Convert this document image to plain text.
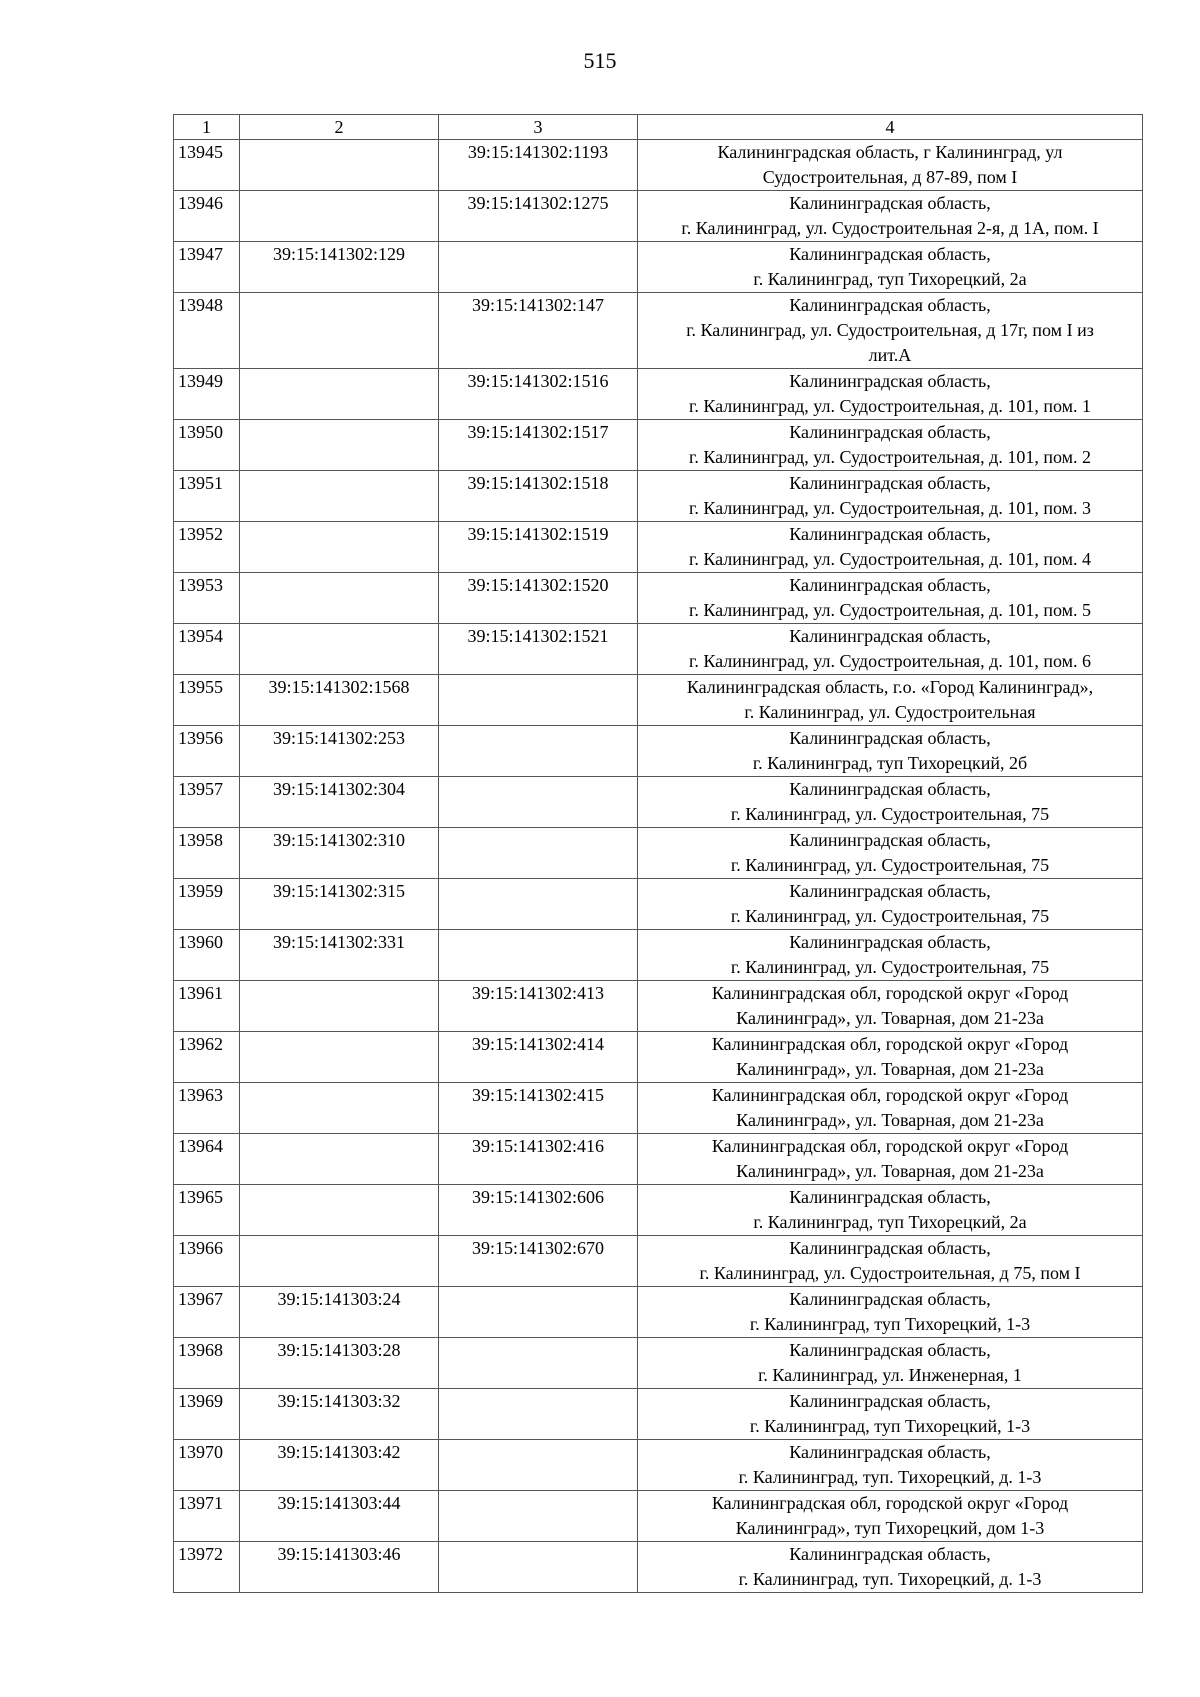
515
1	2	3	4
13945		39:15:141302:1193	Калининградская область, г Калининград, ул
Судостроительная, д 87-89, пом I

13946		39:15:141302:1275	Калининградская область,
г. Калининград, ул. Судостроительная 2-я, д 1А, пом. I

13947	39:15:141302:129		Калининградская область,
г. Калининград, туп Тихорецкий, 2а

13948		39:15:141302:147	Калининградская область,
г. Калининград, ул. Судостроительная, д 17г, пом I из
лит.А

13949		39:15:141302:1516	Калининградская область,
г. Калининград, ул. Судостроительная, д. 101, пом. 1

13950		39:15:141302:1517	Калининградская область,
г. Калининград, ул. Судостроительная, д. 101, пом. 2

13951		39:15:141302:1518	Калининградская область,
г. Калининград, ул. Судостроительная, д. 101, пом. 3

13952		39:15:141302:1519	Калининградская область,
г. Калининград, ул. Судостроительная, д. 101, пом. 4

13953		39:15:141302:1520	Калининградская область,
г. Калининград, ул. Судостроительная, д. 101, пом. 5

13954		39:15:141302:1521	Калининградская область,
г. Калининград, ул. Судостроительная, д. 101, пом. 6

13955	39:15:141302:1568		Калининградская область, г.о. «Город Калининград»,
г. Калининград, ул. Судостроительная

13956	39:15:141302:253		Калининградская область,
г. Калининград, туп Тихорецкий, 2б

13957	39:15:141302:304		Калининградская область,
г. Калининград, ул. Судостроительная, 75

13958	39:15:141302:310		Калининградская область,
г. Калининград, ул. Судостроительная, 75

13959	39:15:141302:315		Калининградская область,
г. Калининград, ул. Судостроительная, 75

13960	39:15:141302:331		Калининградская область,
г. Калининград, ул. Судостроительная, 75

13961		39:15:141302:413	Калининградская обл, городской округ «Город
Калининград», ул. Товарная, дом 21-23а

13962		39:15:141302:414	Калининградская обл, городской округ «Город
Калининград», ул. Товарная, дом 21-23а

13963		39:15:141302:415	Калининградская обл, городской округ «Город
Калининград», ул. Товарная, дом 21-23а

13964		39:15:141302:416	Калининградская обл, городской округ «Город
Калининград», ул. Товарная, дом 21-23а

13965		39:15:141302:606	Калининградская область,
г. Калининград, туп Тихорецкий, 2а

13966		39:15:141302:670	Калининградская область,
г. Калининград, ул. Судостроительная, д 75, пом I

13967	39:15:141303:24		Калининградская область,
г. Калининград, туп Тихорецкий, 1-3

13968	39:15:141303:28		Калининградская область,
г. Калининград, ул. Инженерная, 1

13969	39:15:141303:32		Калининградская область,
г. Калининград, туп Тихорецкий, 1-3

13970	39:15:141303:42		Калининградская область,
г. Калининград, туп. Тихорецкий, д. 1-3

13971	39:15:141303:44		Калининградская обл, городской округ «Город
Калининград», туп Тихорецкий, дом 1-3

13972	39:15:141303:46		Калининградская область,
г. Калининград, туп. Тихорецкий, д. 1-3
